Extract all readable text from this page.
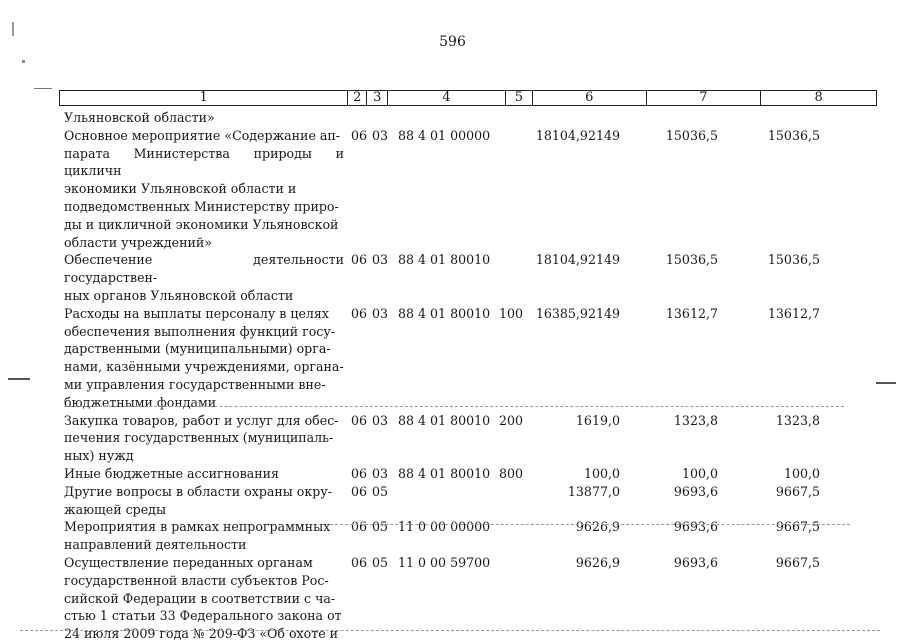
596
1	2 3	4	5	6	7	8
Ульяновской области»
Основное мероприятие «Содержание ап-
парата Министерства природы и цикличн
экономики Ульяновской области и
подведомственных Министерству приро-
ды и цикличной экономики Ульяновской
области учреждений»
06 03 88 4 01 00000	18104,92149	15036,5	15036,5
Обеспечение деятельности государствен-
ных органов Ульяновской области
06 03 88 4 01 80010	18104,92149	15036,5	15036,5
Расходы на выплаты персоналу в целях
обеспечения выполнения функций госу-
дарственными (муниципальными) орга-
нами, казёнными учреждениями, органа-
ми управления государственными вне-
бюджетными фондами
06 03 88 4 01 80010 100	16385,92149	13612,7	13612,7
Закупка товаров, работ и услуг для обес-
печения государственных (муниципаль-
ных) нужд
06 03 88 4 01 80010 200	1619,0	1323,8	1323,8
Иные бюджетные ассигнования	06 03 88 4 01 80010 800	100,0	100,0	100,0
Другие вопросы в области охраны окру-
жающей среды
06 05	13877,0	9693,6	9667,5
Мероприятия в рамках непрограммных
направлений деятельности
06 05 11 0 00 00000	9626,9	9693,6	9667,5
Осуществление переданных органам
государственной власти субъектов Рос-
сийской Федерации в соответствии с ча-
стью 1 статьи 33 Федерального закона от
24 июля 2009 года № 209-ФЗ «Об охоте и
06 05 11 0 00 59700	9626,9	9693,6	9667,5
